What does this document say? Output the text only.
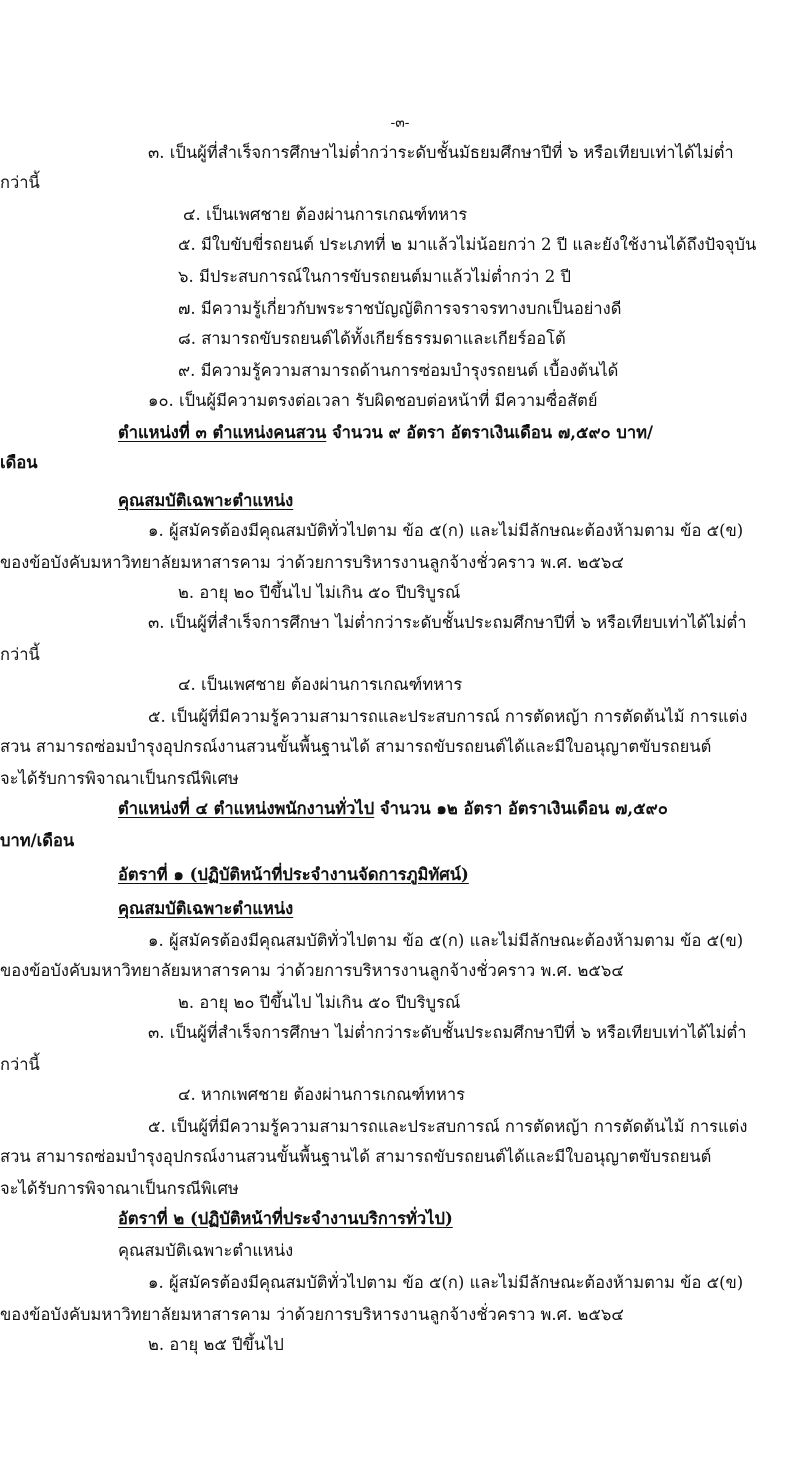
-๓-
๓. เป็นผู้ที่สำเร็จการศึกษาไม่ต่ำกว่าระดับชั้นมัธยมศึกษาปีที่ ๖ หรือเทียบเท่าได้ไม่ต่ำ
กว่านี้
๔. เป็นเพศชาย ต้องผ่านการเกณฑ์ทหาร
๕. มีใบขับขี่รถยนต์ ประเภทที่ ๒ มาแล้วไม่น้อยกว่า 2 ปี และยังใช้งานได้ถึงปัจจุบัน
๖. มีประสบการณ์ในการขับรถยนต์มาแล้วไม่ต่ำกว่า 2 ปี
๗. มีความรู้เกี่ยวกับพระราชบัญญัติการจราจรทางบกเป็นอย่างดี
๘. สามารถขับรถยนต์ได้ทั้งเกียร์ธรรมดาและเกียร์ออโต้
๙. มีความรู้ความสามารถด้านการซ่อมบำรุงรถยนต์ เบื้องต้นได้
๑๐. เป็นผู้มีความตรงต่อเวลา รับผิดชอบต่อหน้าที่ มีความซื่อสัตย์
ตำแหน่งที่ ๓ ตำแหน่งคนสวน จำนวน ๙ อัตรา อัตราเงินเดือน ๗,๕๙๐ บาท/
เดือน
คุณสมบัติเฉพาะตำแหน่ง
๑. ผู้สมัครต้องมีคุณสมบัติทั่วไปตาม ข้อ ๕(ก) และไม่มีลักษณะต้องห้ามตาม ข้อ ๕(ข)
ของข้อบังคับมหาวิทยาลัยมหาสารคาม ว่าด้วยการบริหารงานลูกจ้างชั่วคราว พ.ศ. ๒๕๖๔
๒. อายุ ๒๐ ปีขึ้นไป ไม่เกิน ๕๐ ปีบริบูรณ์
๓. เป็นผู้ที่สำเร็จการศึกษา ไม่ต่ำกว่าระดับชั้นประถมศึกษาปีที่ ๖ หรือเทียบเท่าได้ไม่ต่ำ
กว่านี้
๔. เป็นเพศชาย ต้องผ่านการเกณฑ์ทหาร
๕. เป็นผู้ที่มีความรู้ความสามารถและประสบการณ์ การตัดหญ้า การตัดต้นไม้ การแต่ง
สวน สามารถซ่อมบำรุงอุปกรณ์งานสวนขั้นพื้นฐานได้ สามารถขับรถยนต์ได้และมีใบอนุญาตขับรถยนต์
จะได้รับการพิจาณาเป็นกรณีพิเศษ
ตำแหน่งที่ ๔ ตำแหน่งพนักงานทั่วไป จำนวน ๑๒ อัตรา อัตราเงินเดือน ๗,๕๙๐
บาท/เดือน
อัตราที่ ๑ (ปฏิบัติหน้าที่ประจำงานจัดการภูมิทัศน์)
คุณสมบัติเฉพาะตำแหน่ง
๑. ผู้สมัครต้องมีคุณสมบัติทั่วไปตาม ข้อ ๕(ก) และไม่มีลักษณะต้องห้ามตาม ข้อ ๕(ข)
ของข้อบังคับมหาวิทยาลัยมหาสารคาม ว่าด้วยการบริหารงานลูกจ้างชั่วคราว พ.ศ. ๒๕๖๔
๒. อายุ ๒๐ ปีขึ้นไป ไม่เกิน ๕๐ ปีบริบูรณ์
๓. เป็นผู้ที่สำเร็จการศึกษา ไม่ต่ำกว่าระดับชั้นประถมศึกษาปีที่ ๖ หรือเทียบเท่าได้ไม่ต่ำ
กว่านี้
๔. หากเพศชาย ต้องผ่านการเกณฑ์ทหาร
๕. เป็นผู้ที่มีความรู้ความสามารถและประสบการณ์ การตัดหญ้า การตัดต้นไม้ การแต่ง
สวน สามารถซ่อมบำรุงอุปกรณ์งานสวนขั้นพื้นฐานได้ สามารถขับรถยนต์ได้และมีใบอนุญาตขับรถยนต์
จะได้รับการพิจาณาเป็นกรณีพิเศษ
อัตราที่ ๒ (ปฏิบัติหน้าที่ประจำงานบริการทั่วไป)
คุณสมบัติเฉพาะตำแหน่ง
๑. ผู้สมัครต้องมีคุณสมบัติทั่วไปตาม ข้อ ๕(ก) และไม่มีลักษณะต้องห้ามตาม ข้อ ๕(ข)
ของข้อบังคับมหาวิทยาลัยมหาสารคาม ว่าด้วยการบริหารงานลูกจ้างชั่วคราว พ.ศ. ๒๕๖๔
๒. อายุ ๒๕ ปีขึ้นไป
